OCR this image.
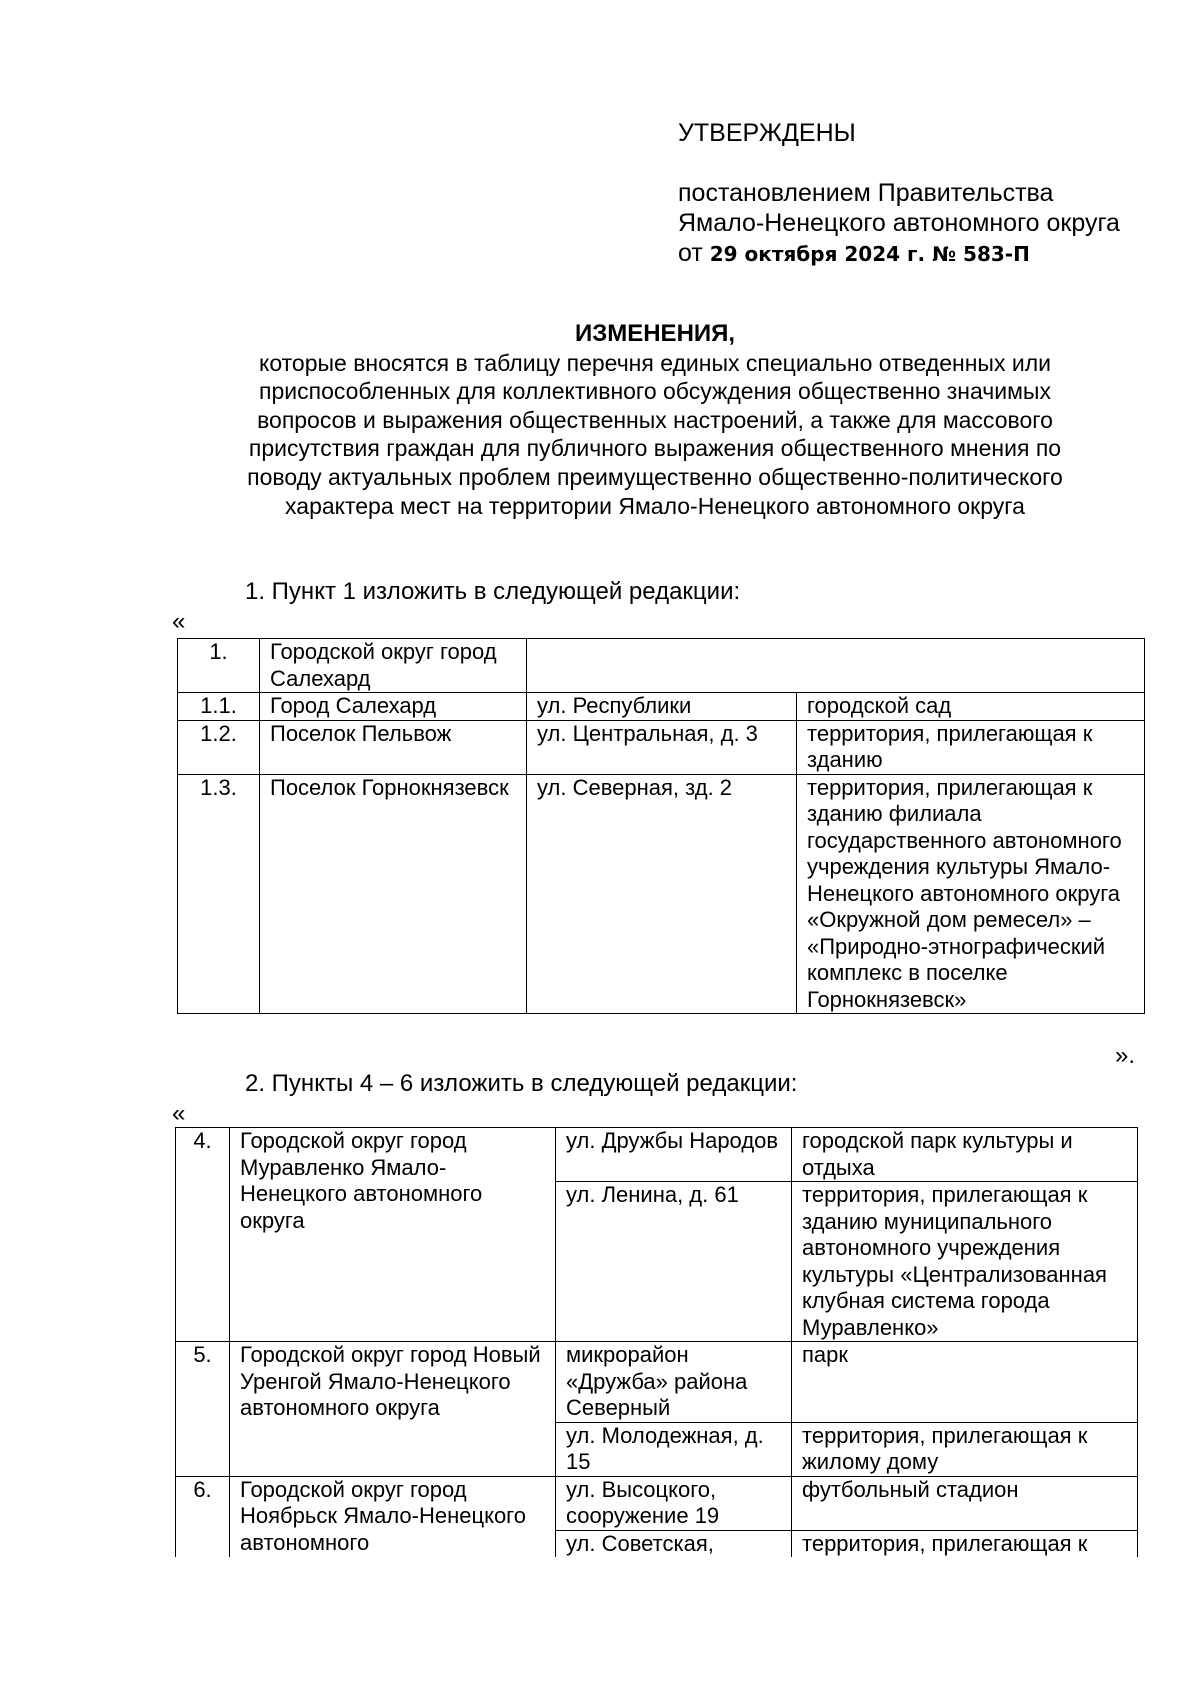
УТВЕРЖДЕНЫ
постановлением Правительства
Ямало-Ненецкого автономного округа
от 29 октября 2024 г. № 583-П
ИЗМЕНЕНИЯ,
которые вносятся в таблицу перечня единых специально отведенных или
приспособленных для коллективного обсуждения общественно значимых
вопросов и выражения общественных настроений, а также для массового
присутствия граждан для публичного выражения общественного мнения по
поводу актуальных проблем преимущественно общественно-политического
характера мест на территории Ямало-Ненецкого автономного округа
1. Пункт 1 изложить в следующей редакции:
«
1.	Городской округ город Салехард		
1.1.	Город Салехард	ул. Республики	городской сад
1.2.	Поселок Пельвож	ул. Центральная, д. 3	территория, прилегающая к зданию
1.3.	Поселок Горнокнязевск	ул. Северная, зд. 2	территория, прилегающая к зданию филиала государственного автономного учреждения культуры Ямало-Ненецкого автономного округа «Окружной дом ремесел» – «Природно-этнографический комплекс в поселке Горнокнязевск»
».
2. Пункты 4 – 6 изложить в следующей редакции:
«
4.	Городской округ город Муравленко Ямало-Ненецкого автономного округа	ул. Дружбы Народов	городской парк культуры и отдыха
		ул. Ленина, д. 61	территория, прилегающая к зданию муниципального автономного учреждения культуры «Централизованная клубная система города Муравленко»
5.	Городской округ город Новый Уренгой Ямало-Ненецкого автономного округа	микрорайон «Дружба» района Северный	парк
		ул. Молодежная, д. 15	территория, прилегающая к жилому дому
6.	Городской округ город Ноябрьск Ямало-Ненецкого автономного	ул. Высоцкого, сооружение 19	футбольный стадион
		ул. Советская,	территория, прилегающая к
